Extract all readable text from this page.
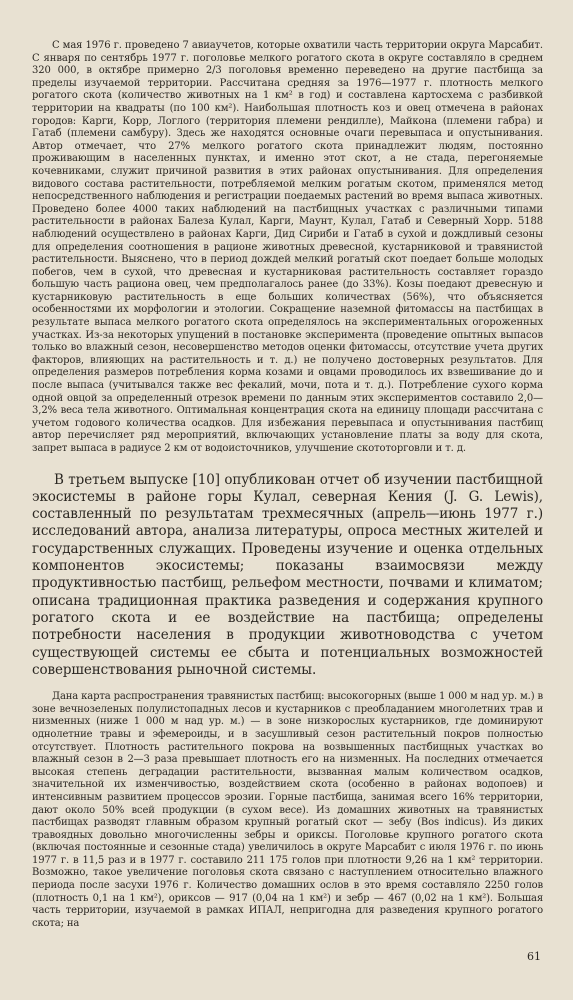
С мая 1976 г. проведено 7 авиаучетов, которые охватили часть территории округа Марсабит. С января по сентябрь 1977 г. поголовье мелкого рогатого скота в округе составляло в среднем 320 000, в октябре примерно 2/3 поголовья временно переведено на другие пастбища за пределы изучаемой территории. Рассчитана средняя за 1976—1977 г. плотность мелкого рогатого скота (количество животных на 1 км² в год) и составлена картосхема с разбивкой территории на квадраты (по 100 км²). Наибольшая плотность коз и овец отмечена в районах городов: Карги, Корр, Логлого (территория племени рендилле), Майкона (племени габра) и Гатаб (племени самбуру). Здесь же находятся основные очаги перевыпаса и опустынивания. Автор отмечает, что 27% мелкого рогатого скота принадлежит людям, постоянно проживающим в населенных пунктах, и именно этот скот, а не стада, перегоняемые кочевниками, служит причиной развития в этих районах опустынивания. Для определения видового состава растительности, потребляемой мелким рогатым скотом, применялся метод непосредственного наблюдения и регистрации поедаемых растений во время выпаса животных. Проведено более 4000 таких наблюдений на пастбищных участках с различными типами растительности в районах Балеза Кулал, Карги, Маунт, Кулал, Гатаб и Северный Хорр. 5188 наблюдений осуществлено в районах Карги, Дид Сириби и Гатаб в сухой и дождливый сезоны для определения соотношения в рационе животных древесной, кустарниковой и травянистой растительности. Выяснено, что в период дождей мелкий рогатый скот поедает больше молодых побегов, чем в сухой, что древесная и кустарниковая растительность составляет гораздо большую часть рациона овец, чем предполагалось ранее (до 33%). Козы поедают древесную и кустарниковую растительность в еще больших количествах (56%), что объясняется особенностями их морфологии и этологии. Сокращение наземной фитомассы на пастбищах в результате выпаса мелкого рогатого скота определялось на экспериментальных огороженных участках. Из-за некоторых упущений в постановке эксперимента (проведение опытных выпасов только во влажный сезон, несовершенство методов оценки фитомассы, отсутствие учета других факторов, влияющих на растительность и т. д.) не получено достоверных результатов. Для определения размеров потребления корма козами и овцами проводилось их взвешивание до и после выпаса (учитывался также вес фекалий, мочи, пота и т. д.). Потребление сухого корма одной овцой за определенный отрезок времени по данным этих экспериментов составило 2,0—3,2% веса тела животного. Оптимальная концентрация скота на единицу площади рассчитана с учетом годового количества осадков. Для избежания перевыпаса и опустынивания пастбищ автор перечисляет ряд мероприятий, включающих установление платы за воду для скота, запрет выпаса в радиусе 2 км от водоисточников, улучшение скототорговли и т. д.

В третьем выпуске [10] опубликован отчет об изучении пастбищной экосистемы в районе горы Кулал, северная Кения (J. G. Lewis), составленный по результатам трехмесячных (апрель—июнь 1977 г.) исследований автора, анализа литературы, опроса местных жителей и государственных служащих. Проведены изучение и оценка отдельных компонентов экосистемы; показаны взаимосвязи между продуктивностью пастбищ, рельефом местности, почвами и климатом; описана традиционная практика разведения и содержания крупного рогатого скота и ее воздействие на пастбища; определены потребности населения в продукции животноводства с учетом существующей системы ее сбыта и потенциальных возможностей совершенствования рыночной системы.

Дана карта распространения травянистых пастбищ: высокогорных (выше 1 000 м над ур. м.) в зоне вечнозеленых полулистопадных лесов и кустарников с преобладанием многолетних трав и низменных (ниже 1 000 м над ур. м.) — в зоне низкорослых кустарников, где доминируют однолетние травы и эфемероиды, и в засушливый сезон растительный покров полностью отсутствует. Плотность растительного покрова на возвышенных пастбищных участках во влажный сезон в 2—3 раза превышает плотность его на низменных. На последних отмечается высокая степень деградации растительности, вызванная малым количеством осадков, значительной их изменчивостью, воздействием скота (особенно в районах водопоев) и интенсивным развитием процессов эрозии. Горные пастбища, занимая всего 16% территории, дают около 50% всей продукции (в сухом весе). Из домашних животных на травянистых пастбищах разводят главным образом крупный рогатый скот — зебу (Bos indicus). Из диких травоядных довольно многочисленны зебры и ориксы. Поголовье крупного рогатого скота (включая постоянные и сезонные стада) увеличилось в округе Марсабит с июля 1976 г. по июнь 1977 г. в 11,5 раз и в 1977 г. составило 211 175 голов при плотности 9,26 на 1 км² территории. Возможно, такое увеличение поголовья скота связано с наступлением относительно влажного периода после засухи 1976 г. Количество домашних ослов в это время составляло 2250 голов (плотность 0,1 на 1 км²), ориксов — 917 (0,04 на 1 км²) и зебр — 467 (0,02 на 1 км²). Большая часть территории, изучаемой в рамках ИПАЛ, непригодна для разведения крупного рогатого скота; на

61
